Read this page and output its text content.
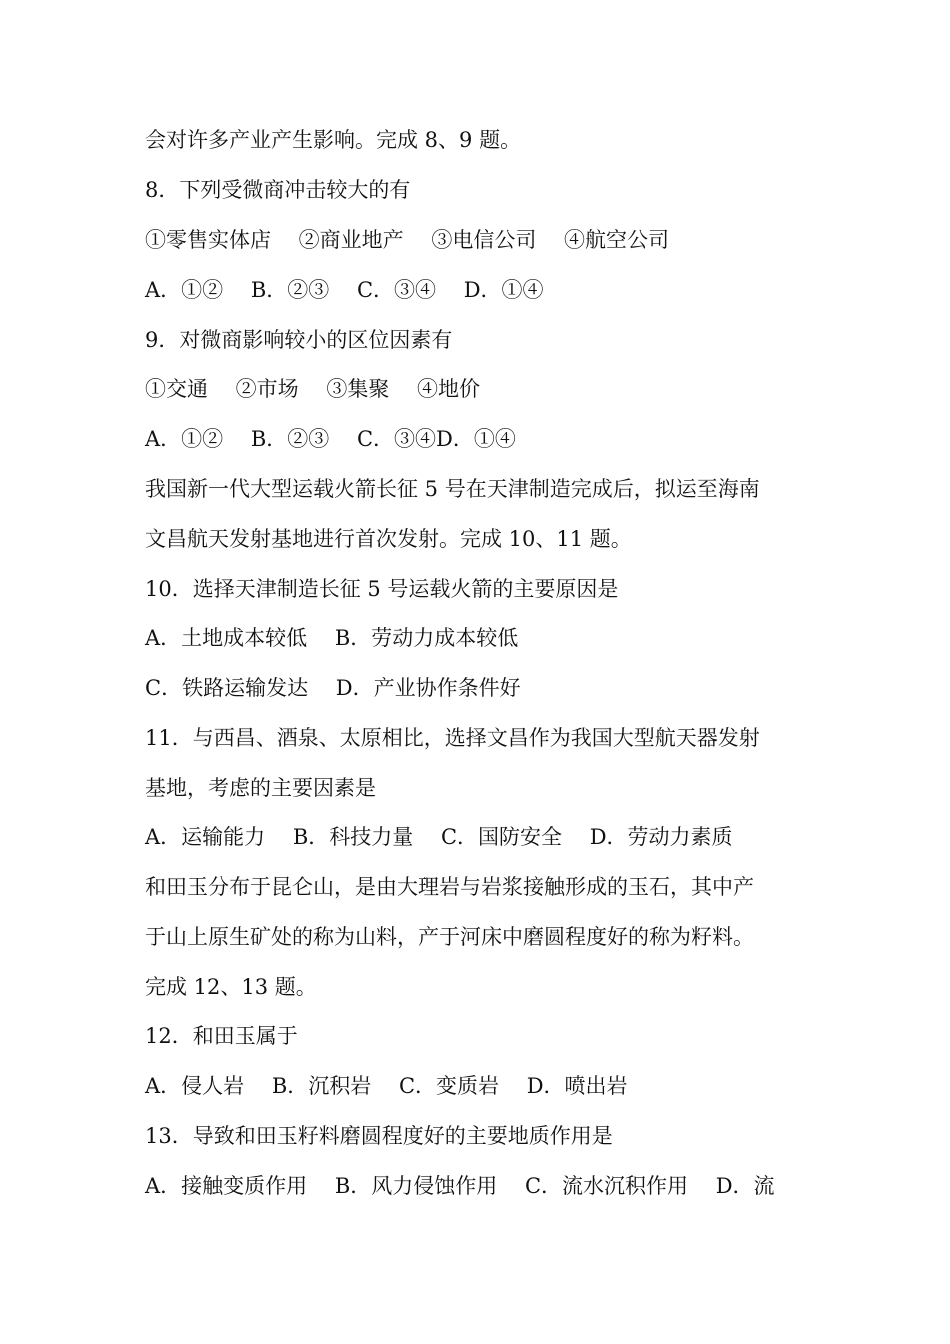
会对许多产业产生影响。完成 8、9 题。
8．下列受微商冲击较大的有
①零售实体店　 ②商业地产　 ③电信公司　 ④航空公司
A．①②　 B．②③　 C．③④　 D．①④
9．对微商影响较小的区位因素有
①交通　 ②市场　 ③集聚　 ④地价
A．①②　 B．②③　 C．③④D．①④
我国新一代大型运载火箭长征 5 号在天津制造完成后，拟运至海南
文昌航天发射基地进行首次发射。完成 10、11 题。
10．选择天津制造长征 5 号运载火箭的主要原因是
A．土地成本较低　 B．劳动力成本较低
C．铁路运输发达　 D．产业协作条件好
11．与西昌、酒泉、太原相比，选择文昌作为我国大型航天器发射
基地，考虑的主要因素是
A．运输能力　 B．科技力量　 C．国防安全　 D．劳动力素质
和田玉分布于昆仑山，是由大理岩与岩浆接触形成的玉石，其中产
于山上原生矿处的称为山料，产于河床中磨圆程度好的称为籽料。
完成 12、13 题。
12．和田玉属于
A．侵人岩　 B．沉积岩　 C．变质岩　 D．喷出岩
13．导致和田玉籽料磨圆程度好的主要地质作用是
A．接触变质作用　 B．风力侵蚀作用　 C．流水沉积作用　 D．流
